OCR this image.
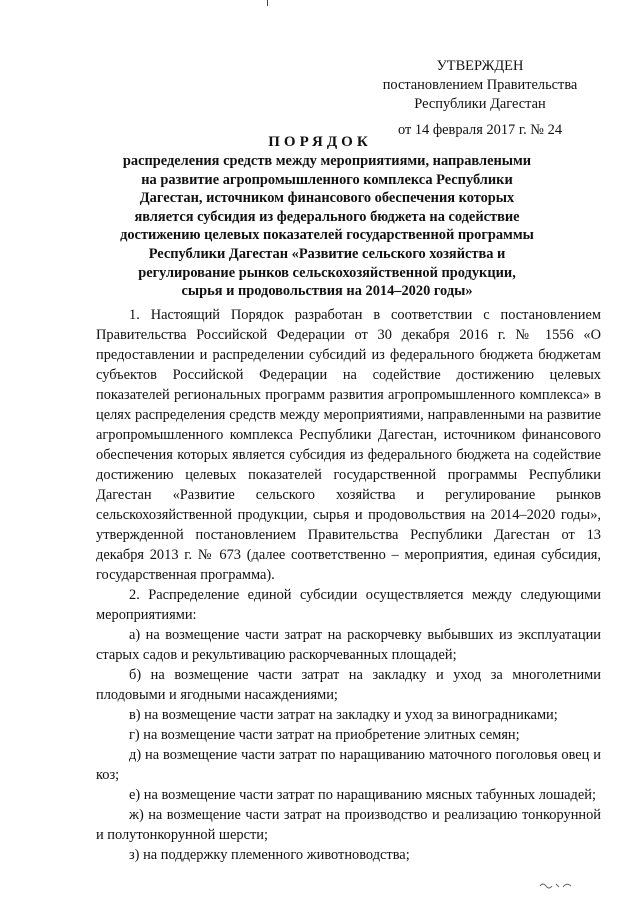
УТВЕРЖДЕН
постановлением Правительства
Республики Дагестан
от 14 февраля 2017 г. № 24
ПОРЯДОК
распределения средств между мероприятиями, направлеными на развитие агропромышленного комплекса Республики Дагестан, источником финансового обеспечения которых является субсидия из федерального бюджета на содействие достижению целевых показателей государственной программы Республики Дагестан «Развитие сельского хозяйства и регулирование рынков сельскохозяйственной продукции, сырья и продовольствия на 2014–2020 годы»

1. Настоящий Порядок разработан в соответствии с постановлением Правительства Российской Федерации от 30 декабря 2016 г. № 1556 «О предоставлении и распределении субсидий из федерального бюджета бюджетам субъектов Российской Федерации на содействие достижению целевых показателей региональных программ развития агропромышленного комплекса» в целях распределения средств между мероприятиями, направленными на развитие агропромышленного комплекса Республики Дагестан, источником финансового обеспечения которых является субсидия из федерального бюджета на содействие достижению целевых показателей государственной программы Республики Дагестан «Развитие сельского хозяйства и регулирование рынков сельскохозяйственной продукции, сырья и продовольствия на 2014–2020 годы», утвержденной постановлением Правительства Республики Дагестан от 13 декабря 2013 г. № 673 (далее соответственно – мероприятия, единая субсидия, государственная программа).

2. Распределение единой субсидии осуществляется между следующими мероприятиями:

а) на возмещение части затрат на раскорчевку выбывших из эксплуатации старых садов и рекультивацию раскорчеванных площадей;

б) на возмещение части затрат на закладку и уход за многолетними плодовыми и ягодными насаждениями;

в) на возмещение части затрат на закладку и уход за виноградниками;

г) на возмещение части затрат на приобретение элитных семян;

д) на возмещение части затрат по наращиванию маточного поголовья овец и коз;

е) на возмещение части затрат по наращиванию мясных табунных лошадей;

ж) на возмещение части затрат на производство и реализацию тонкорунной и полутонкорунной шерсти;

з) на поддержку племенного животноводства;
